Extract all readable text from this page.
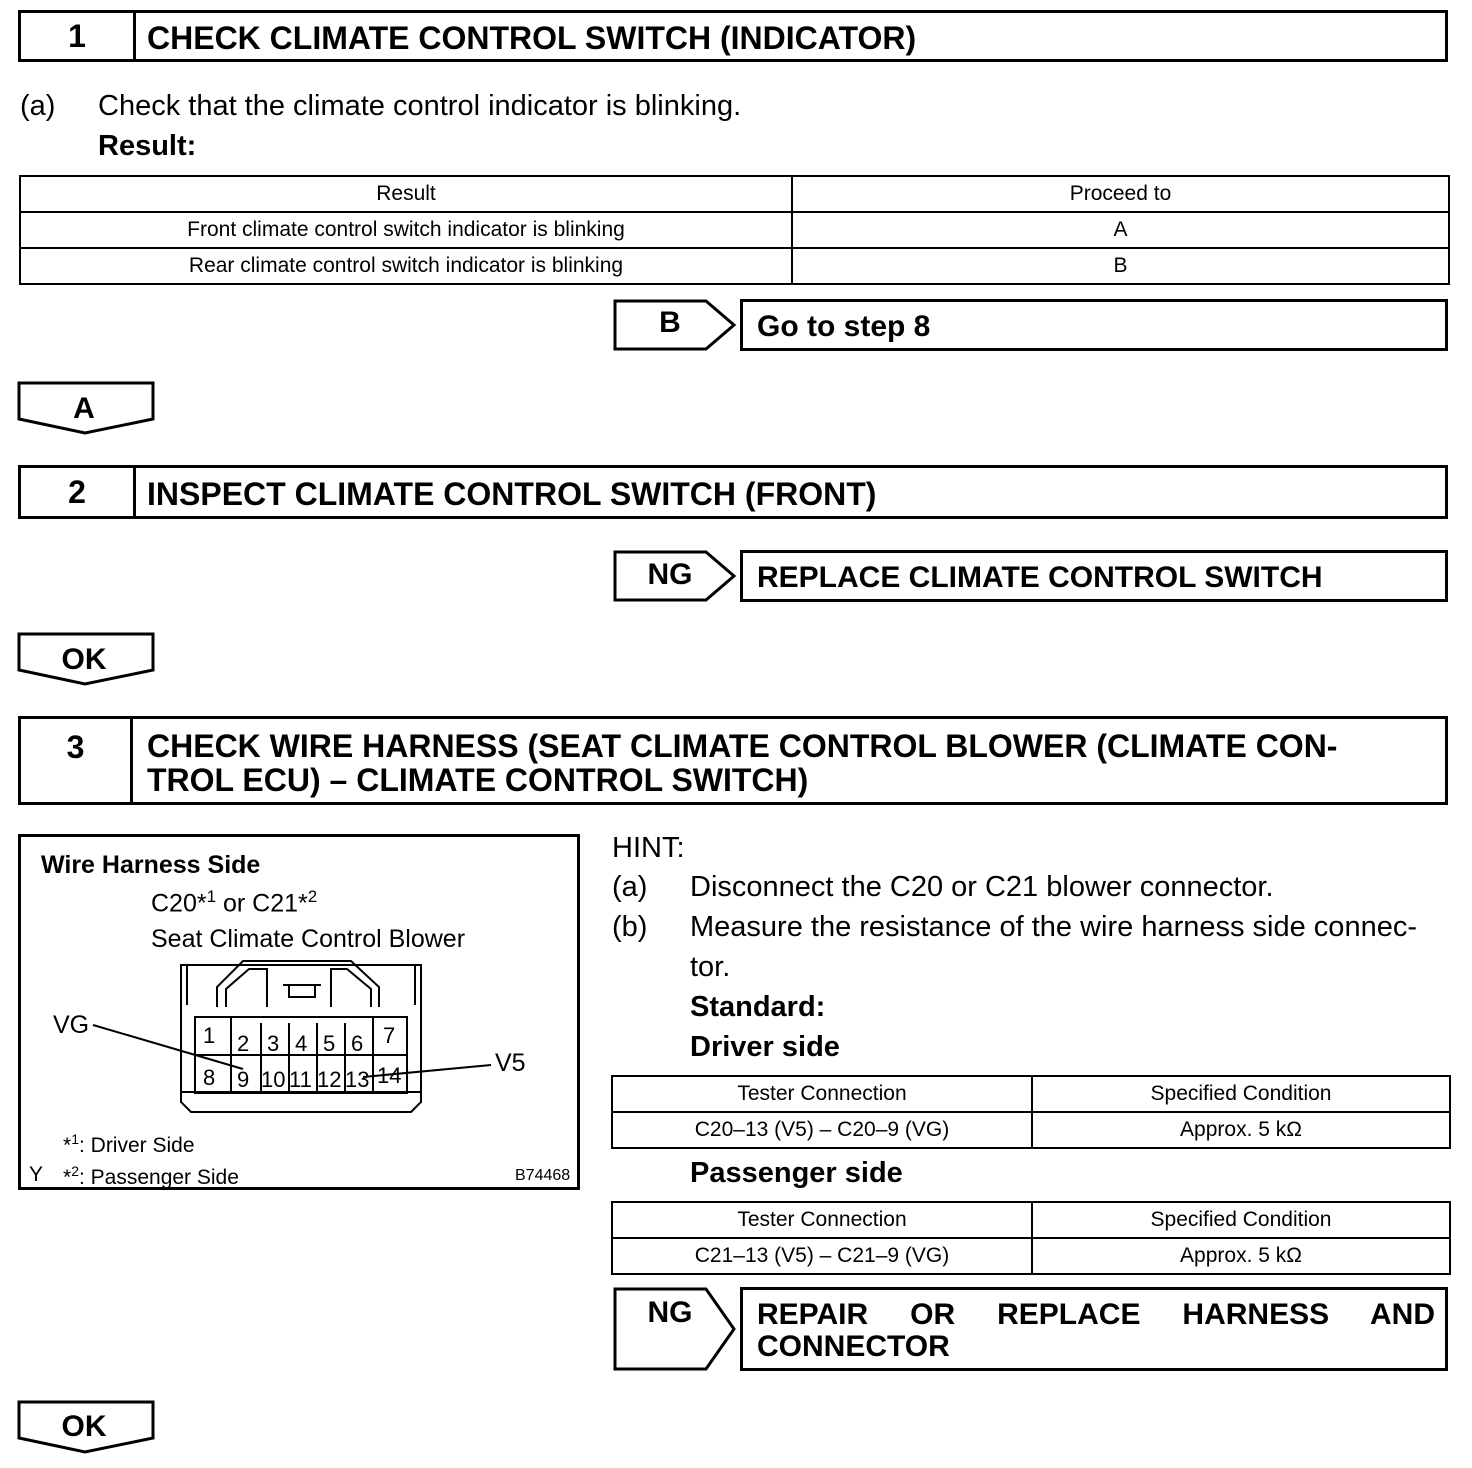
1	CHECK CLIMATE CONTROL SWITCH (INDICATOR)
(a) Check that the climate control indicator is blinking.
Result:
Result	Proceed to
Front climate control switch indicator is blinking	A
Rear climate control switch indicator is blinking	B
B	Go to step 8
A
2	INSPECT CLIMATE CONTROL SWITCH (FRONT)
NG	REPLACE CLIMATE CONTROL SWITCH
OK
3	CHECK WIRE HARNESS (SEAT CLIMATE CONTROL BLOWER (CLIMATE CON-
TROL ECU) – CLIMATE CONTROL SWITCH)
Wire Harness Side
C20*$^1$ or C21*$^2$
Seat Climate Control Blower
1 2 3 4 5 6 7
8 9 10 11 12 13 14
VG
V5
*$^1$: Driver Side
Y *$^2$: Passenger Side	B74468
HINT:
(a) Disconnect the C20 or C21 blower connector.
(b) Measure the resistance of the wire harness side connec-
tor.
Standard:
Driver side
Tester Connection	Specified Condition
C20–13 (V5) – C20–9 (VG)	Approx. 5 kΩ
Passenger side
Tester Connection	Specified Condition
C21–13 (V5) – C21–9 (VG)	Approx. 5 kΩ
NG	REPAIR OR REPLACE HARNESS AND
CONNECTOR
OK
